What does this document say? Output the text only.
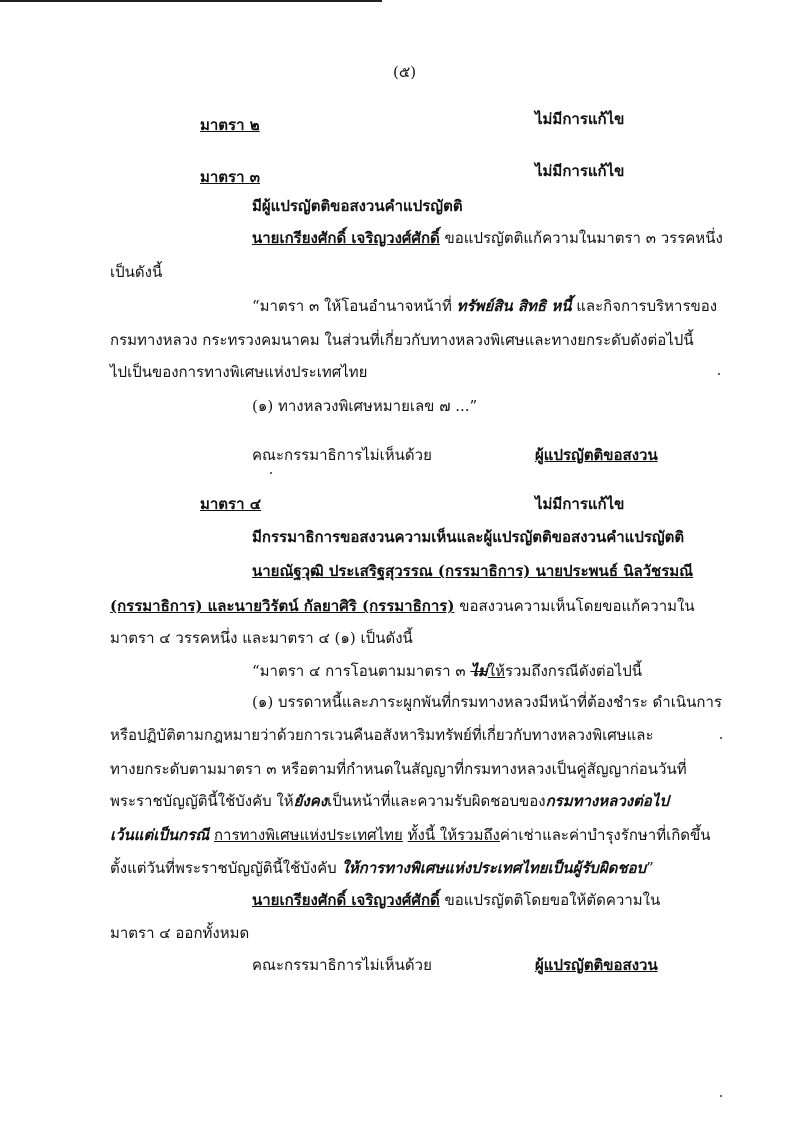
(๕)
มาตรา ๒	ไม่มีการแก้ไข
มาตรา ๓	ไม่มีการแก้ไข
มีผู้แปรญัตติขอสงวนคำแปรญัตติ
นายเกรียงศักดิ์ เจริญวงศ์ศักดิ์ ขอแปรญัตติแก้ความในมาตรา ๓ วรรคหนึ่ง
เป็นดังนี้
“มาตรา ๓ ให้โอนอำนาจหน้าที่ ทรัพย์สิน สิทธิ หนี้ และกิจการบริหารของ
กรมทางหลวง กระทรวงคมนาคม ในส่วนที่เกี่ยวกับทางหลวงพิเศษและทางยกระดับดังต่อไปนี้
ไปเป็นของการทางพิเศษแห่งประเทศไทย
(๑) ทางหลวงพิเศษหมายเลข ๗ ...”
คณะกรรมาธิการไม่เห็นด้วย	ผู้แปรญัตติขอสงวน
มาตรา ๔	ไม่มีการแก้ไข
มีกรรมาธิการขอสงวนความเห็นและผู้แปรญัตติขอสงวนคำแปรญัตติ
นายณัฐวุฒิ ประเสริฐสุวรรณ (กรรมาธิการ) นายประพนธ์ นิลวัชรมณี
(กรรมาธิการ) และนายวิรัตน์ กัลยาศิริ (กรรมาธิการ) ขอสงวนความเห็นโดยขอแก้ความใน
มาตรา ๔ วรรคหนึ่ง และมาตรา ๔ (๑) เป็นดังนี้
“มาตรา ๔ การโอนตามมาตรา ๓ ไม่ให้รวมถึงกรณีดังต่อไปนี้
(๑) บรรดาหนี้และภาระผูกพันที่กรมทางหลวงมีหน้าที่ต้องชำระ ดำเนินการ
หรือปฏิบัติตามกฎหมายว่าด้วยการเวนคืนอสังหาริมทรัพย์ที่เกี่ยวกับทางหลวงพิเศษและ
ทางยกระดับตามมาตรา ๓ หรือตามที่กำหนดในสัญญาที่กรมทางหลวงเป็นคู่สัญญาก่อนวันที่
พระราชบัญญัตินี้ใช้บังคับ ให้ยังคงเป็นหน้าที่และความรับผิดชอบของกรมทางหลวงต่อไป
เว้นแต่เป็นกรณี การทางพิเศษแห่งประเทศไทย ทั้งนี้ ให้รวมถึงค่าเช่าและค่าบำรุงรักษาที่เกิดขึ้น
ตั้งแต่วันที่พระราชบัญญัตินี้ใช้บังคับ ให้การทางพิเศษแห่งประเทศไทยเป็นผู้รับผิดชอบ”
นายเกรียงศักดิ์ เจริญวงศ์ศักดิ์ ขอแปรญัตติโดยขอให้ตัดความใน
มาตรา ๔ ออกทั้งหมด
คณะกรรมาธิการไม่เห็นด้วย	ผู้แปรญัตติขอสงวน
